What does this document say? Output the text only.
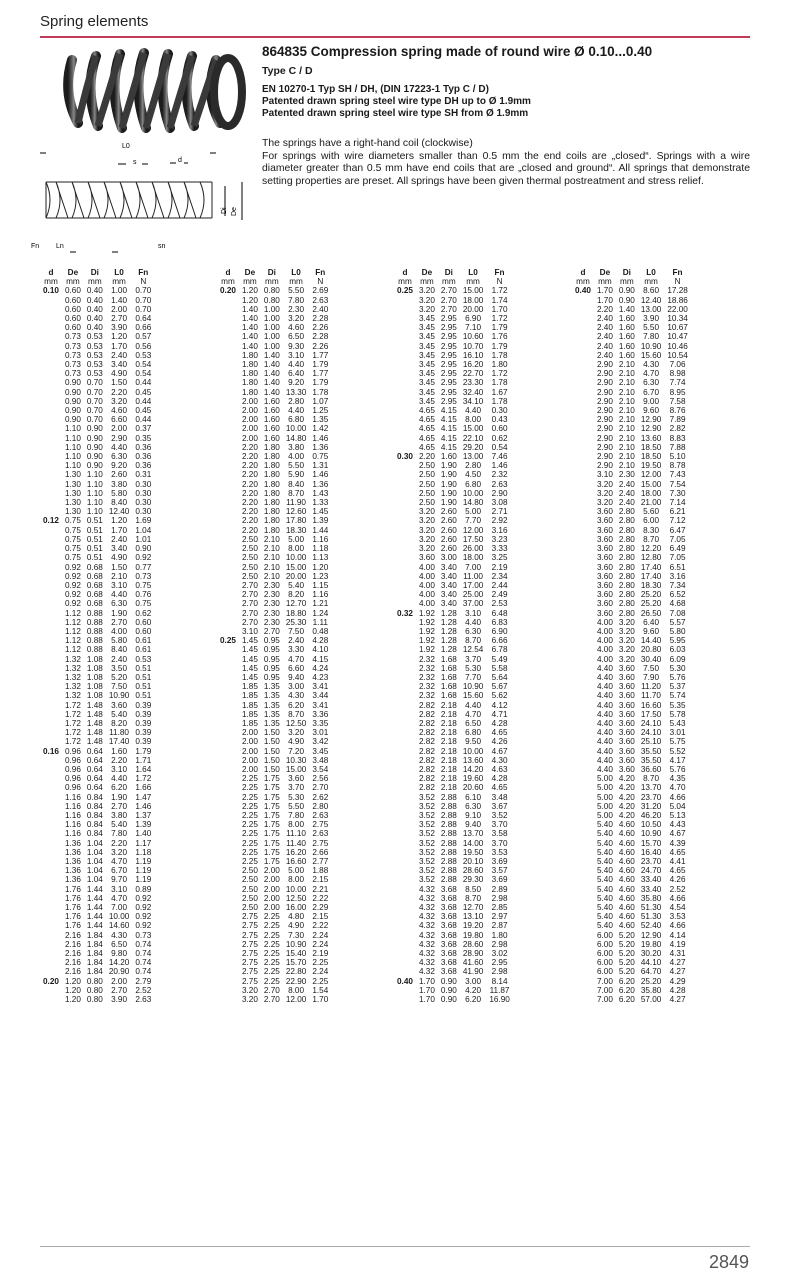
Spring elements
864835 Compression spring made of round wire Ø 0.10...0.40
Type C / D
EN 10270-1 Typ SH / DH, (DIN 17223-1 Typ C / D)
Patented drawn spring steel wire type DH up to Ø 1.9mm
Patented drawn spring steel wire type SH from Ø 1.9mm
The springs have a right-hand coil (clockwise)
For springs with wire diameters smaller than 0.5 mm the end coils are „closed“. Springs with a wire diameter greater than 0.5 mm have end coils that are „closed and ground“. All springs that demonstrate setting properties are preset. All springs have been given thermal postreatment and stress relief.
L0
s	d
Di De
Fn Ln	sn
d	De	Di	L0	Fn
mm	mm	mm	mm	N
0.10	0.60	0.40	1.00	0.70
	0.60	0.40	1.40	0.70
	0.60	0.40	2.00	0.70
	0.60	0.40	2.70	0.64
	0.60	0.40	3.90	0.66
	0.73	0.53	1.20	0.57
	0.73	0.53	1.70	0.56
	0.73	0.53	2.40	0.53
	0.73	0.53	3.40	0.54
	0.73	0.53	4.90	0.54
	0.90	0.70	1.50	0.44
	0.90	0.70	2.20	0.45
	0.90	0.70	3.20	0.44
	0.90	0.70	4.60	0.45
	0.90	0.70	6.60	0.44
	1.10	0.90	2.00	0.37
	1.10	0.90	2.90	0.35
	1.10	0.90	4.40	0.36
	1.10	0.90	6.30	0.36
	1.10	0.90	9.20	0.36
	1.30	1.10	2.60	0.31
	1.30	1.10	3.80	0.30
	1.30	1.10	5.80	0.30
	1.30	1.10	8.40	0.30
	1.30	1.10	12.40	0.30
0.12	0.75	0.51	1.20	1.69
	0.75	0.51	1.70	1.04
	0.75	0.51	2.40	1.01
	0.75	0.51	3.40	0.90
	0.75	0.51	4.90	0.92
	0.92	0.68	1.50	0.77
	0.92	0.68	2.10	0.73
	0.92	0.68	3.10	0.75
	0.92	0.68	4.40	0.76
	0.92	0.68	6.30	0.75
	1.12	0.88	1.90	0.62
	1.12	0.88	2.70	0.60
	1.12	0.88	4.00	0.60
	1.12	0.88	5.80	0.61
	1.12	0.88	8.40	0.61
	1.32	1.08	2.40	0.53
	1.32	1.08	3.50	0.51
	1.32	1.08	5.20	0.51
	1.32	1.08	7.50	0.51
	1.32	1.08	10.90	0.51
	1.72	1.48	3.60	0.39
	1.72	1.48	5.40	0.39
	1.72	1.48	8.20	0.39
	1.72	1.48	11.80	0.39
	1.72	1.48	17.40	0.39
0.16	0.96	0.64	1.60	1.79
	0.96	0.64	2.20	1.71
	0.96	0.64	3.10	1.64
	0.96	0.64	4.40	1.72
	0.96	0.64	6.20	1.66
	1.16	0.84	1.90	1.47
	1.16	0.84	2.70	1.46
	1.16	0.84	3.80	1.37
	1.16	0.84	5.40	1.39
	1.16	0.84	7.80	1.40
	1.36	1.04	2.20	1.17
	1.36	1.04	3.20	1.18
	1.36	1.04	4.70	1.19
	1.36	1.04	6.70	1.19
	1.36	1.04	9.70	1.19
	1.76	1.44	3.10	0.89
	1.76	1.44	4.70	0.92
	1.76	1.44	7.00	0.92
	1.76	1.44	10.00	0.92
	1.76	1.44	14.60	0.92
	2.16	1.84	4.30	0.73
	2.16	1.84	6.50	0.74
	2.16	1.84	9.80	0.74
	2.16	1.84	14.20	0.74
	2.16	1.84	20.90	0.74
0.20	1.20	0.80	2.00	2.79
	1.20	0.80	2.70	2.52
	1.20	0.80	3.90	2.63
d	De	Di	L0	Fn
mm	mm	mm	mm	N
0.20	1.20	0.80	5.50	2.69
	1.20	0.80	7.80	2.63
	1.40	1.00	2.30	2.40
	1.40	1.00	3.20	2.28
	1.40	1.00	4.60	2.26
	1.40	1.00	6.50	2.28
	1.40	1.00	9.30	2.26
	1.80	1.40	3.10	1.77
	1.80	1.40	4.40	1.79
	1.80	1.40	6.40	1.77
	1.80	1.40	9.20	1.79
	1.80	1.40	13.30	1.78
	2.00	1.60	2.80	1.07
	2.00	1.60	4.40	1.25
	2.00	1.60	6.80	1.35
	2.00	1.60	10.00	1.42
	2.00	1.60	14.80	1.46
	2.20	1.80	3.80	1.36
	2.20	1.80	4.00	0.75
	2.20	1.80	5.50	1.31
	2.20	1.80	5.90	1.46
	2.20	1.80	8.40	1.36
	2.20	1.80	8.70	1.43
	2.20	1.80	11.90	1.33
	2.20	1.80	12.60	1.45
	2.20	1.80	17.80	1.39
	2.20	1.80	18.30	1.44
	2.50	2.10	5.00	1.16
	2.50	2.10	8.00	1.18
	2.50	2.10	10.00	1.13
	2.50	2.10	15.00	1.20
	2.50	2.10	20.00	1.23
	2.70	2.30	5.40	1.15
	2.70	2.30	8.20	1.16
	2.70	2.30	12.70	1.21
	2.70	2.30	18.80	1.24
	2.70	2.30	25.30	1.11
	3.10	2.70	7.50	0.48
0.25	1.45	0.95	2.40	4.28
	1.45	0.95	3.30	4.10
	1.45	0.95	4.70	4.15
	1.45	0.95	6.60	4.24
	1.45	0.95	9.40	4.23
	1.85	1.35	3.00	3.41
	1.85	1.35	4.30	3.44
	1.85	1.35	6.20	3.41
	1.85	1.35	8.70	3.36
	1.85	1.35	12.50	3.35
	2.00	1.50	3.20	3.01
	2.00	1.50	4.90	3.42
	2.00	1.50	7.20	3.45
	2.00	1.50	10.30	3.48
	2.00	1.50	15.00	3.54
	2.25	1.75	3.60	2.56
	2.25	1.75	3.70	2.70
	2.25	1.75	5.30	2.62
	2.25	1.75	5.50	2.80
	2.25	1.75	7.80	2.63
	2.25	1.75	8.00	2.75
	2.25	1.75	11.10	2.63
	2.25	1.75	11.40	2.75
	2.25	1.75	16.20	2.66
	2.25	1.75	16.60	2.77
	2.50	2.00	5.00	1.88
	2.50	2.00	8.00	2.15
	2.50	2.00	10.00	2.21
	2.50	2.00	12.50	2.22
	2.50	2.00	16.00	2.29
	2.75	2.25	4.80	2.15
	2.75	2.25	4.90	2.22
	2.75	2.25	7.30	2.24
	2.75	2.25	10.90	2.24
	2.75	2.25	15.40	2.19
	2.75	2.25	15.70	2.25
	2.75	2.25	22.80	2.24
	2.75	2.25	22.90	2.25
	3.20	2.70	8.00	1.54
	3.20	2.70	12.00	1.70
d	De	Di	L0	Fn
mm	mm	mm	mm	N
0.25	3.20	2.70	15.00	1.72
	3.20	2.70	18.00	1.74
	3.20	2.70	20.00	1.70
	3.45	2.95	6.90	1.72
	3.45	2.95	7.10	1.79
	3.45	2.95	10.60	1.76
	3.45	2.95	10.70	1.79
	3.45	2.95	16.10	1.78
	3.45	2.95	16.20	1.80
	3.45	2.95	22.70	1.72
	3.45	2.95	23.30	1.78
	3.45	2.95	32.40	1.67
	3.45	2.95	34.10	1.78
	4.65	4.15	4.40	0.30
	4.65	4.15	8.00	0.43
	4.65	4.15	15.00	0.60
	4.65	4.15	22.10	0.62
	4.65	4.15	29.20	0.54
0.30	2.20	1.60	13.00	7.46
	2.50	1.90	2.80	1.46
	2.50	1.90	4.50	2.32
	2.50	1.90	6.80	2.63
	2.50	1.90	10.00	2.90
	2.50	1.90	14.80	3.08
	3.20	2.60	5.00	2.71
	3.20	2.60	7.70	2.92
	3.20	2.60	12.00	3.16
	3.20	2.60	17.50	3.23
	3.20	2.60	26.00	3.33
	3.60	3.00	18.00	3.25
	4.00	3.40	7.00	2.19
	4.00	3.40	11.00	2.34
	4.00	3.40	17.00	2.44
	4.00	3.40	25.00	2.49
	4.00	3.40	37.00	2.53
0.32	1.92	1.28	3.10	6.48
	1.92	1.28	4.40	6.83
	1.92	1.28	6.30	6.90
	1.92	1.28	8.70	6.66
	1.92	1.28	12.54	6.78
	2.32	1.68	3.70	5.49
	2.32	1.68	5.30	5.58
	2.32	1.68	7.70	5.64
	2.32	1.68	10.90	5.67
	2.32	1.68	15.60	5.62
	2.82	2.18	4.40	4.12
	2.82	2.18	4.70	4.71
	2.82	2.18	6.50	4.28
	2.82	2.18	6.80	4.65
	2.82	2.18	9.50	4.26
	2.82	2.18	10.00	4.67
	2.82	2.18	13.60	4.30
	2.82	2.18	14.20	4.63
	2.82	2.18	19.60	4.28
	2.82	2.18	20.60	4.65
	3.52	2.88	6.10	3.48
	3.52	2.88	6.30	3.67
	3.52	2.88	9.10	3.52
	3.52	2.88	9.40	3.70
	3.52	2.88	13.70	3.58
	3.52	2.88	14.00	3.70
	3.52	2.88	19.50	3.53
	3.52	2.88	20.10	3.69
	3.52	2.88	28.60	3.57
	3.52	2.88	29.30	3.69
	4.32	3.68	8.50	2.89
	4.32	3.68	8.70	2.98
	4.32	3.68	12.70	2.85
	4.32	3.68	13.10	2.97
	4.32	3.68	19.20	2.87
	4.32	3.68	19.80	1.80
	4.32	3.68	28.60	2.98
	4.32	3.68	28.90	3.02
	4.32	3.68	41.60	2.95
	4.32	3.68	41.90	2.98
0.40	1.70	0.90	3.00	8.14
	1.70	0.90	4.20	11.87
	1.70	0.90	6.20	16.90
d	De	Di	L0	Fn
mm	mm	mm	mm	N
0.40	1.70	0.90	8.60	17.28
	1.70	0.90	12.40	18.86
	2.20	1.40	13.00	22.00
	2.40	1.60	3.90	10.34
	2.40	1.60	5.50	10.67
	2.40	1.60	7.80	10.47
	2.40	1.60	10.90	10.46
	2.40	1.60	15.60	10.54
	2.90	2.10	4.30	7.06
	2.90	2.10	4.70	8.98
	2.90	2.10	6.30	7.74
	2.90	2.10	6.70	8.95
	2.90	2.10	9.00	7.58
	2.90	2.10	9.60	8.76
	2.90	2.10	12.90	7.89
	2.90	2.10	12.90	2.82
	2.90	2.10	13.60	8.83
	2.90	2.10	18.50	7.88
	2.90	2.10	18.50	5.10
	2.90	2.10	19.50	8.78
	3.10	2.30	12.00	7.43
	3.20	2.40	15.00	7.54
	3.20	2.40	18.00	7.30
	3.20	2.40	21.00	7.14
	3.60	2.80	5.60	6.21
	3.60	2.80	6.00	7.12
	3.60	2.80	8.30	6.47
	3.60	2.80	8.70	7.05
	3.60	2.80	12.20	6.49
	3.60	2.80	12.80	7.05
	3.60	2.80	17.40	6.51
	3.60	2.80	17.40	3.16
	3.60	2.80	18.30	7.34
	3.60	2.80	25.20	6.52
	3.60	2.80	25.20	4.68
	3.60	2.80	26.50	7.08
	4.00	3.20	6.40	5.57
	4.00	3.20	9.60	5.80
	4.00	3.20	14.40	5.95
	4.00	3.20	20.80	6.03
	4.00	3.20	30.40	6.09
	4.40	3.60	7.50	5.30
	4.40	3.60	7.90	5.76
	4.40	3.60	11.20	5.37
	4.40	3.60	11.70	5.74
	4.40	3.60	16.60	5.35
	4.40	3.60	17.50	5.78
	4.40	3.60	24.10	5.43
	4.40	3.60	24.10	3.01
	4.40	3.60	25.10	5.75
	4.40	3.60	35.50	5.52
	4.40	3.60	35.50	4.17
	4.40	3.60	36.60	5.76
	5.00	4.20	8.70	4.35
	5.00	4.20	13.70	4.70
	5.00	4.20	23.70	4.66
	5.00	4.20	31.20	5.04
	5.00	4.20	46.20	5.13
	5.40	4.60	10.50	4.43
	5.40	4.60	10.90	4.67
	5.40	4.60	15.70	4.39
	5.40	4.60	16.40	4.65
	5.40	4.60	23.70	4.41
	5.40	4.60	24.70	4.65
	5.40	4.60	33.40	4.26
	5.40	4.60	33.40	2.52
	5.40	4.60	35.80	4.66
	5.40	4.60	51.30	4.54
	5.40	4.60	51.30	3.53
	5.40	4.60	52.40	4.66
	6.00	5.20	12.90	4.14
	6.00	5.20	19.80	4.19
	6.00	5.20	30.20	4.31
	6.00	5.20	44.10	4.27
	6.00	5.20	64.70	4.27
	7.00	6.20	25.20	4.29
	7.00	6.20	35.80	4.28
	7.00	6.20	57.00	4.27
2849
